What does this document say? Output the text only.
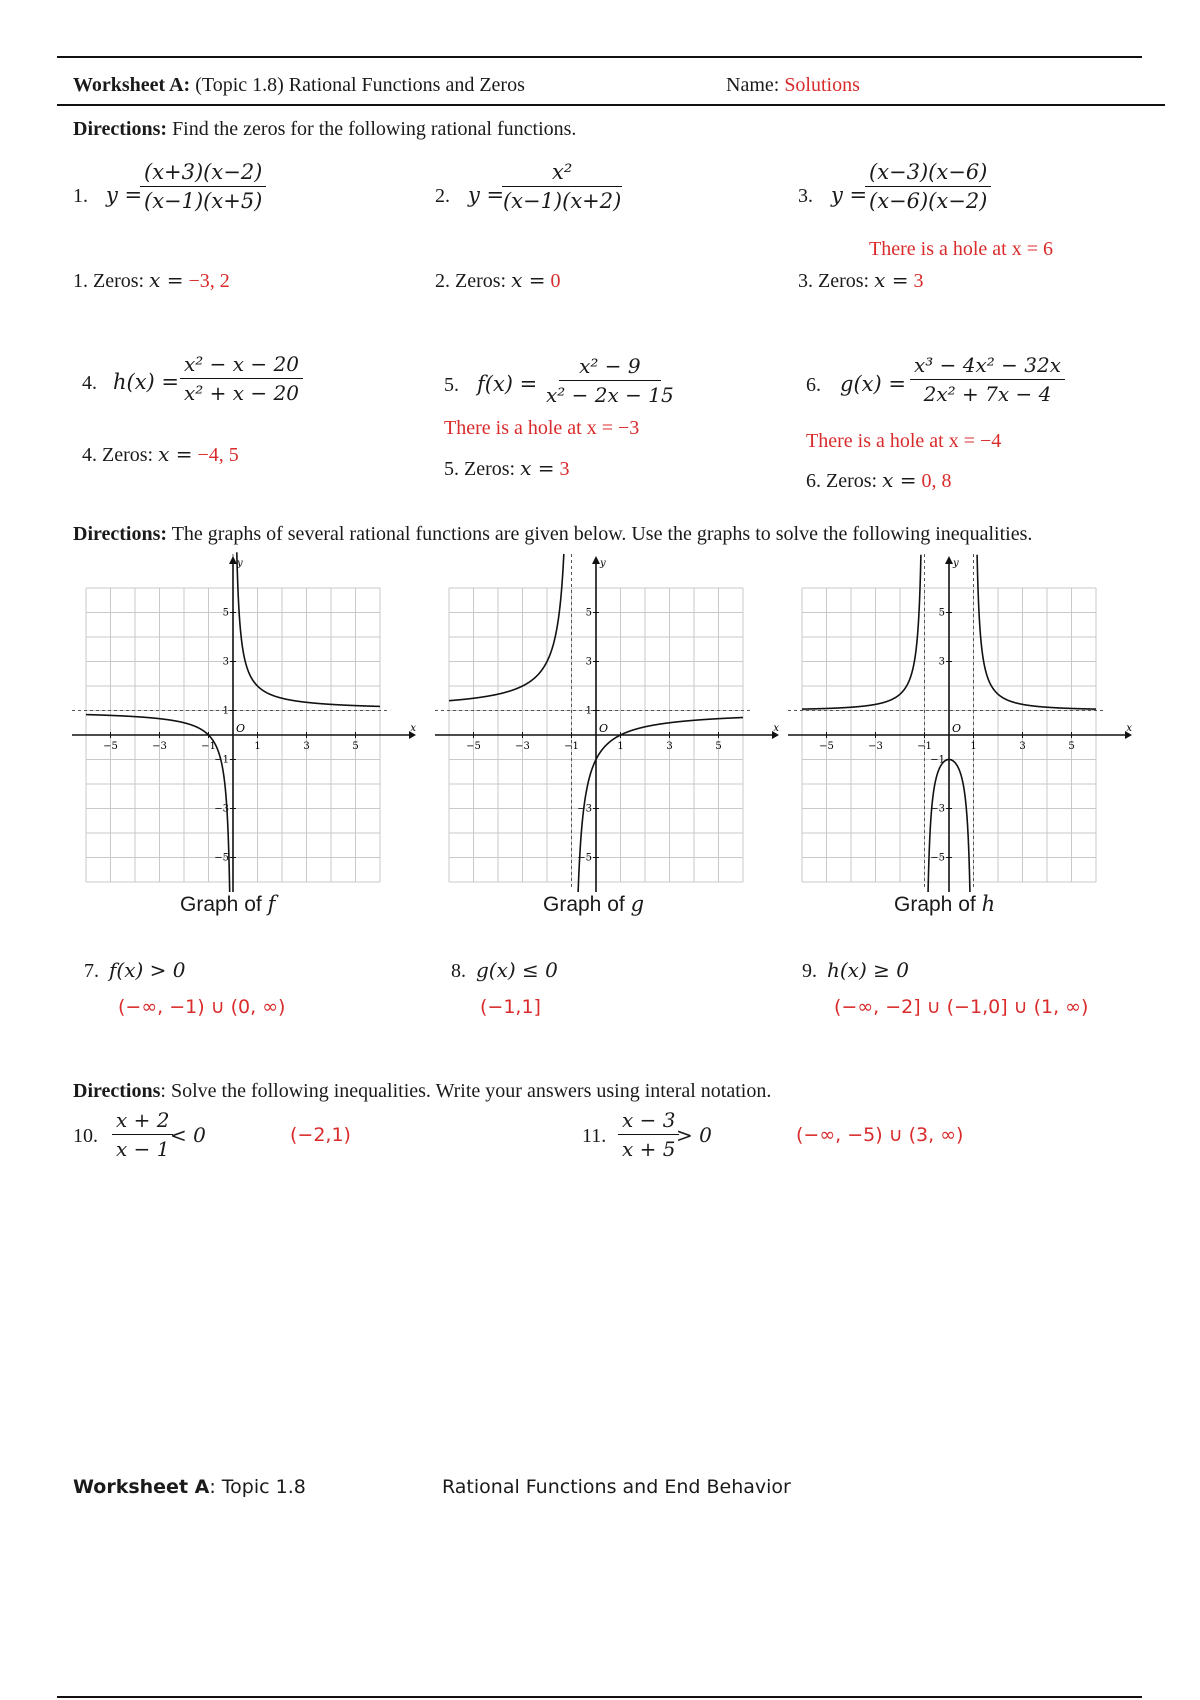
Worksheet A: (Topic 1.8) Rational Functions and Zeros	Name: Solutions
Directions: Find the zeros for the following rational functions.
1. y =
$\frac{(x+3)(x-2)}{(x-1)(x+5)}$
1. Zeros: x = −3, 2
2. y =
$\frac{\text{x²}}{(x-1)(x+2)}$
2. Zeros: x = 0
3. y =
$\frac{(x-3)(x-6)}{(x-6)(x-2)}$
There is a hole at x = 6
3. Zeros: x = 3
4. $h(x) = \frac{\text{x² − x − 20}}{\text{x² + x − 20}}$
4. Zeros: x = −4, 5
5. $f(x) = \frac{\text{x² − 9}}{\text{x² − 2x − 15}}$
There is a hole at x = −3
5. Zeros: x = 3
6. $g(x) = \frac{\text{x³ − 4x² − 32x}}{\text{2x² + 7x − 4}}$
There is a hole at x = −4
6. Zeros: x = 0, 8
Directions: The graphs of several rational functions are given below. Use the graphs to solve the following inequalities.
x
y
O
−5	−3	−1	1	3	5
5
3
1
−1
−3
−5
x
y
O
−5	−3	−1	1	3	5
5
3
1
−3
−5
x
y
O
−5	−3	−1	1	3	5
5
3
−1
−3
−5
Graph of f	Graph of g	Graph of h
7. f(x) > 0
(−∞, −1) ∪ (0, ∞)
8. g(x) ≤ 0
(−1,1]
9. h(x) ≥ 0
(−∞, −2] ∪ (−1,0] ∪ (1, ∞)
Directions: Solve the following inequalities. Write your answers using interal notation.
10. $\frac{x + 2}{x - 1}$
< 0	(−2,1)	11. $\frac{x - 3}{x + 5}$
> 0	(−∞, −5) ∪ (3, ∞)
Worksheet A: Topic 1.8	Rational Functions and End Behavior
